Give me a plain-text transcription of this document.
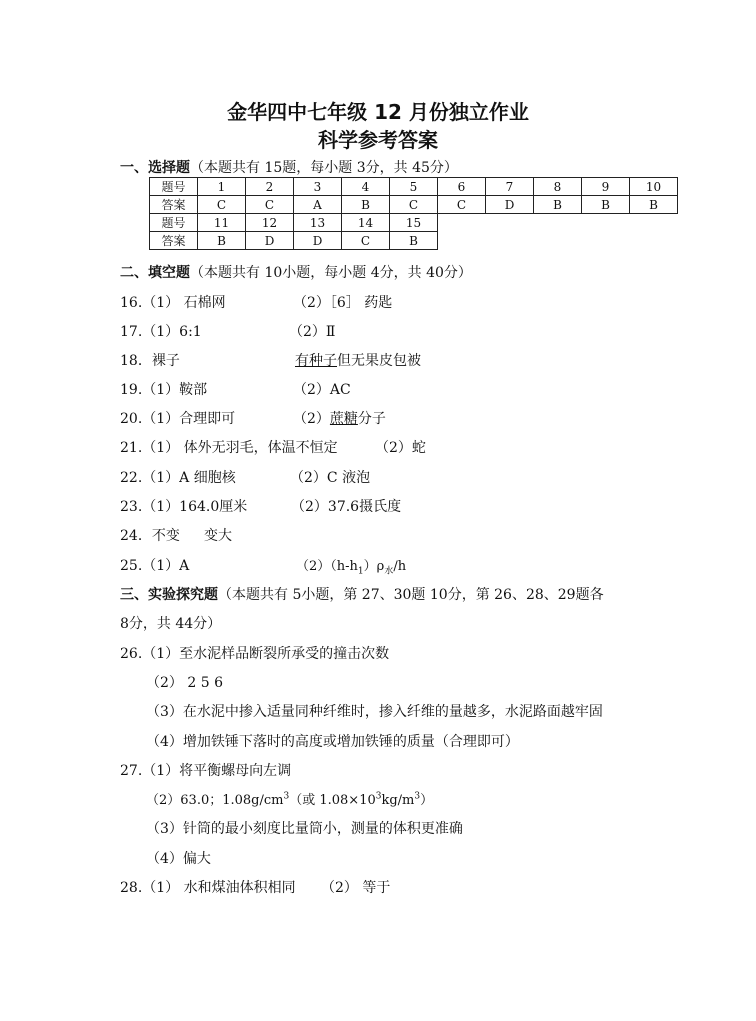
金华四中七年级 12 月份独立作业
科学参考答案
一、选择题（本题共有 15题，每小题 3分，共 45分）
题号	1	2	3	4	5	6	7	8	9	10
答案	C	C	A	B	C	C	D	B	B	B
题号	11	12	13	14	15					
答案	B	D	D	C	B					
二、填空题（本题共有 10小题，每小题 4分，共 40分）
16.（1） 石棉网	（2）［6］ 药匙
17.（1）6:1	（2）Ⅱ
18．裸子	有种子但无果皮包被
19.（1）鞍部	（2）AC
20.（1）合理即可	（2）蔗糖分子
21.（1） 体外无羽毛，体温不恒定	（2）蛇
22.（1）A 细胞核	（2）C 液泡
23.（1）164.0厘米	（2）37.6摄氏度
24．不变 变大
25.（1）A	$(2)(h-h_1)\rho_水/h$
三、实验探究题（本题共有 5小题，第 27、30题 10分，第 26、28、29题各
8分，共 44分）
26.（1）至水泥样品断裂所承受的撞击次数
（2） 2 5 6
（3）在水泥中掺入适量同种纤维时，掺入纤维的量越多，水泥路面越牢固
（4）增加铁锤下落时的高度或增加铁锤的质量（合理即可）
27.（1）将平衡螺母向左调
（2）63.0；$1.08g/cm^3$（或 $1.08\times 10^3kg/m^3$）
（3）针筒的最小刻度比量筒小，测量的体积更准确
（4）偏大
28.（1） 水和煤油体积相同 （2） 等于
